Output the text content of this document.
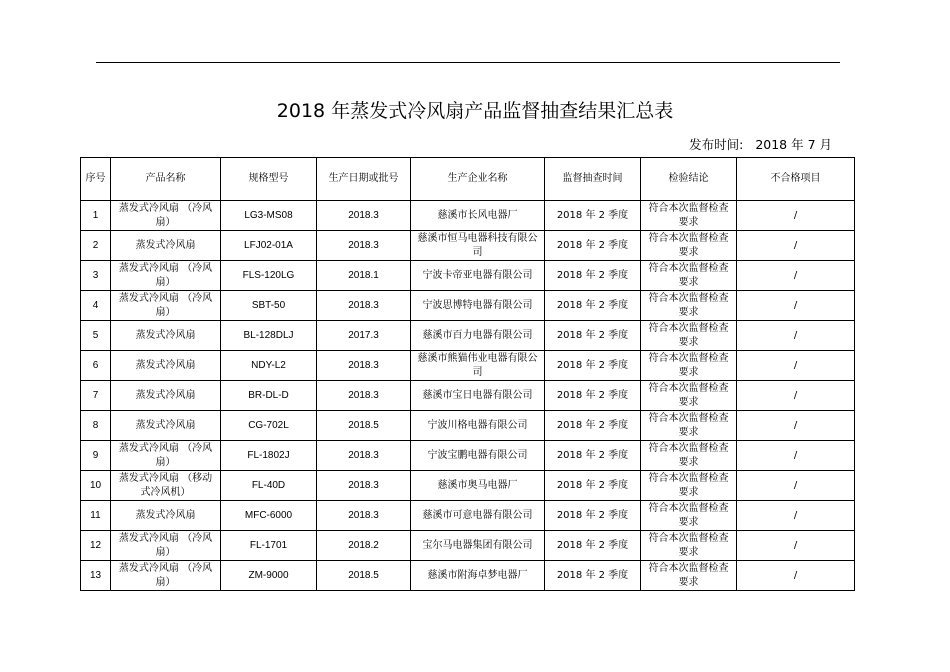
2018 年蒸发式冷风扇产品监督抽查结果汇总表
发布时间: 2018 年 7 月
序号	产品名称	规格型号	生产日期或批号	生产企业名称	监督抽查时间	检验结论	不合格项目
1	蒸发式冷风扇 （冷风扇）	LG3-MS08	2018.3	慈溪市长风电器厂	2018 年 2 季度	符合本次监督检查要求	/
2	蒸发式冷风扇	LFJ02-01A	2018.3	慈溪市恒马电器科技有限公司	2018 年 2 季度	符合本次监督检查要求	/
3	蒸发式冷风扇 （冷风扇）	FLS-120LG	2018.1	宁波卡帝亚电器有限公司	2018 年 2 季度	符合本次监督检查要求	/
4	蒸发式冷风扇 （冷风扇）	SBT-50	2018.3	宁波思博特电器有限公司	2018 年 2 季度	符合本次监督检查要求	/
5	蒸发式冷风扇	BL-128DLJ	2017.3	慈溪市百力电器有限公司	2018 年 2 季度	符合本次监督检查要求	/
6	蒸发式冷风扇	NDY-L2	2018.3	慈溪市熊猫伟业电器有限公司	2018 年 2 季度	符合本次监督检查要求	/
7	蒸发式冷风扇	BR-DL-D	2018.3	慈溪市宝日电器有限公司	2018 年 2 季度	符合本次监督检查要求	/
8	蒸发式冷风扇	CG-702L	2018.5	宁波川格电器有限公司	2018 年 2 季度	符合本次监督检查要求	/
9	蒸发式冷风扇 （冷风扇）	FL-1802J	2018.3	宁波宝鹏电器有限公司	2018 年 2 季度	符合本次监督检查要求	/
10	蒸发式冷风扇 （移动式冷风机）	FL-40D	2018.3	慈溪市奥马电器厂	2018 年 2 季度	符合本次监督检查要求	/
11	蒸发式冷风扇	MFC-6000	2018.3	慈溪市可意电器有限公司	2018 年 2 季度	符合本次监督检查要求	/
12	蒸发式冷风扇 （冷风扇）	FL-1701	2018.2	宝尔马电器集团有限公司	2018 年 2 季度	符合本次监督检查要求	/
13	蒸发式冷风扇 （冷风扇）	ZM-9000	2018.5	慈溪市附海卓梦电器厂	2018 年 2 季度	符合本次监督检查要求	/
